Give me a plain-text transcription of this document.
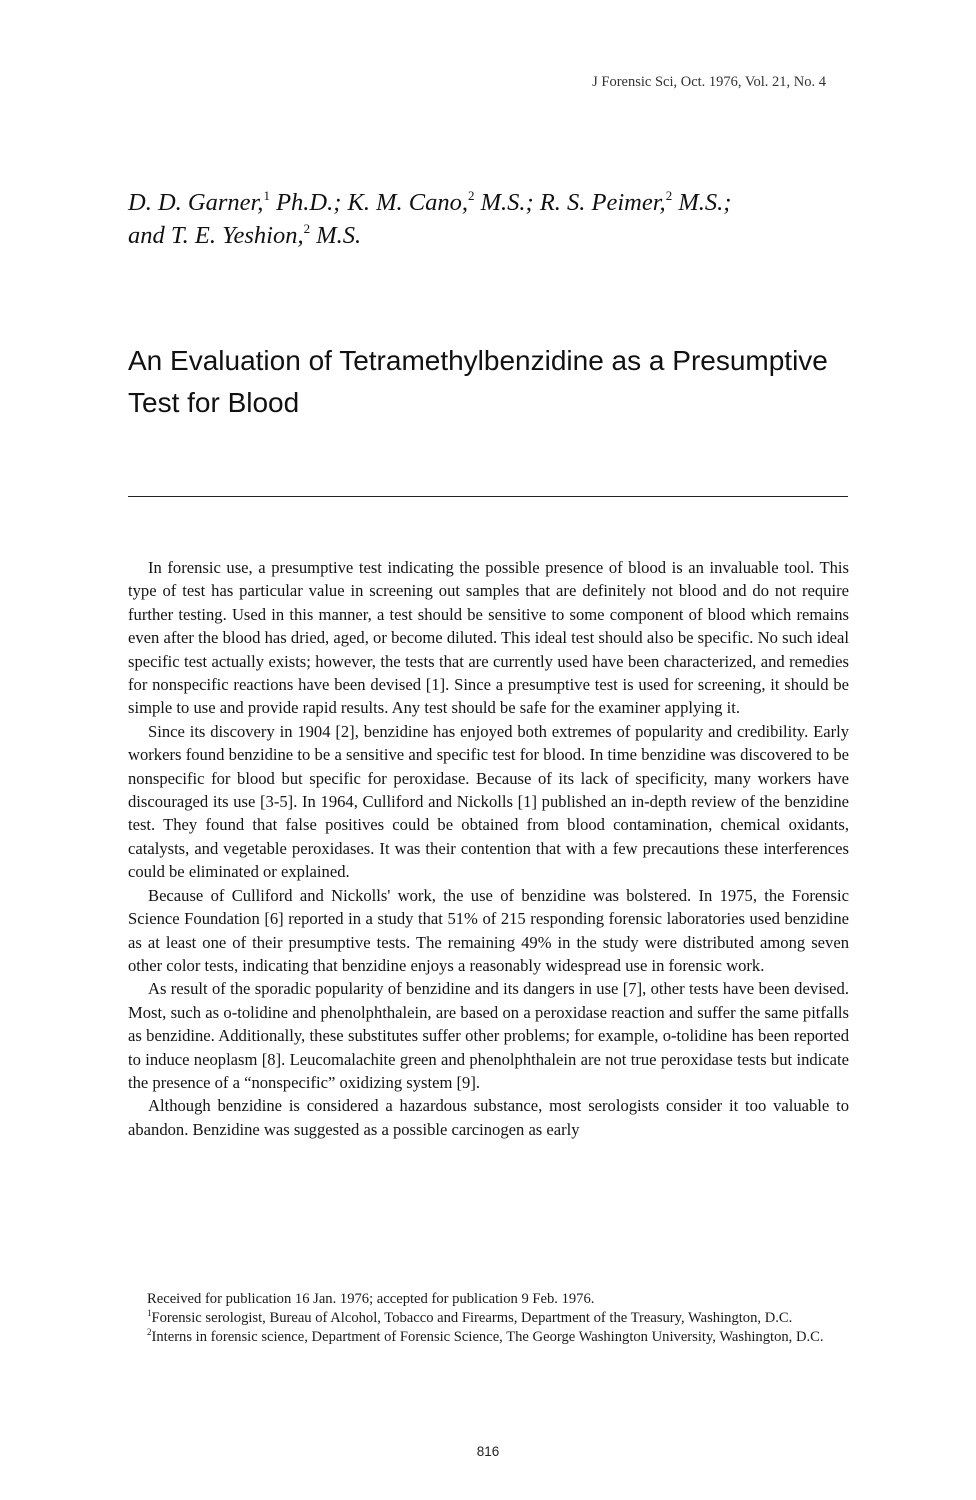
J Forensic Sci, Oct. 1976, Vol. 21, No. 4
D. D. Garner,$^1$ Ph.D.; K. M. Cano,$^2$ M.S.; R. S. Peimer,$^2$ M.S.;
and T. E. Yeshion,$^2$ M.S.
An Evaluation of Tetramethylbenzidine as a Presumptive Test for Blood

In forensic use, a presumptive test indicating the possible presence of blood is an invaluable tool. This type of test has particular value in screening out samples that are definitely not blood and do not require further testing. Used in this manner, a test should be sensitive to some component of blood which remains even after the blood has dried, aged, or become diluted. This ideal test should also be specific. No such ideal specific test actually exists; however, the tests that are currently used have been characterized, and remedies for nonspecific reactions have been devised [1]. Since a presumptive test is used for screening, it should be simple to use and provide rapid results. Any test should be safe for the examiner applying it.

Since its discovery in 1904 [2], benzidine has enjoyed both extremes of popularity and credibility. Early workers found benzidine to be a sensitive and specific test for blood. In time benzidine was discovered to be nonspecific for blood but specific for peroxidase. Because of its lack of specificity, many workers have discouraged its use [3-5]. In 1964, Culliford and Nickolls [1] published an in-depth review of the benzidine test. They found that false positives could be obtained from blood contamination, chemical oxidants, catalysts, and vegetable peroxidases. It was their contention that with a few precautions these interferences could be eliminated or explained.

Because of Culliford and Nickolls' work, the use of benzidine was bolstered. In 1975, the Forensic Science Foundation [6] reported in a study that 51% of 215 responding forensic laboratories used benzidine as at least one of their presumptive tests. The remaining 49% in the study were distributed among seven other color tests, indicating that benzidine enjoys a reasonably widespread use in forensic work.

As result of the sporadic popularity of benzidine and its dangers in use [7], other tests have been devised. Most, such as o-tolidine and phenolphthalein, are based on a peroxidase reaction and suffer the same pitfalls as benzidine. Additionally, these substitutes suffer other problems; for example, o-tolidine has been reported to induce neoplasm [8]. Leucomalachite green and phenolphthalein are not true peroxidase tests but indicate the presence of a “nonspecific” oxidizing system [9].

Although benzidine is considered a hazardous substance, most serologists consider it too valuable to abandon. Benzidine was suggested as a possible carcinogen as early

Received for publication 16 Jan. 1976; accepted for publication 9 Feb. 1976.

$^1$Forensic serologist, Bureau of Alcohol, Tobacco and Firearms, Department of the Treasury, Washington, D.C.

$^2$Interns in forensic science, Department of Forensic Science, The George Washington University, Washington, D.C.

816
